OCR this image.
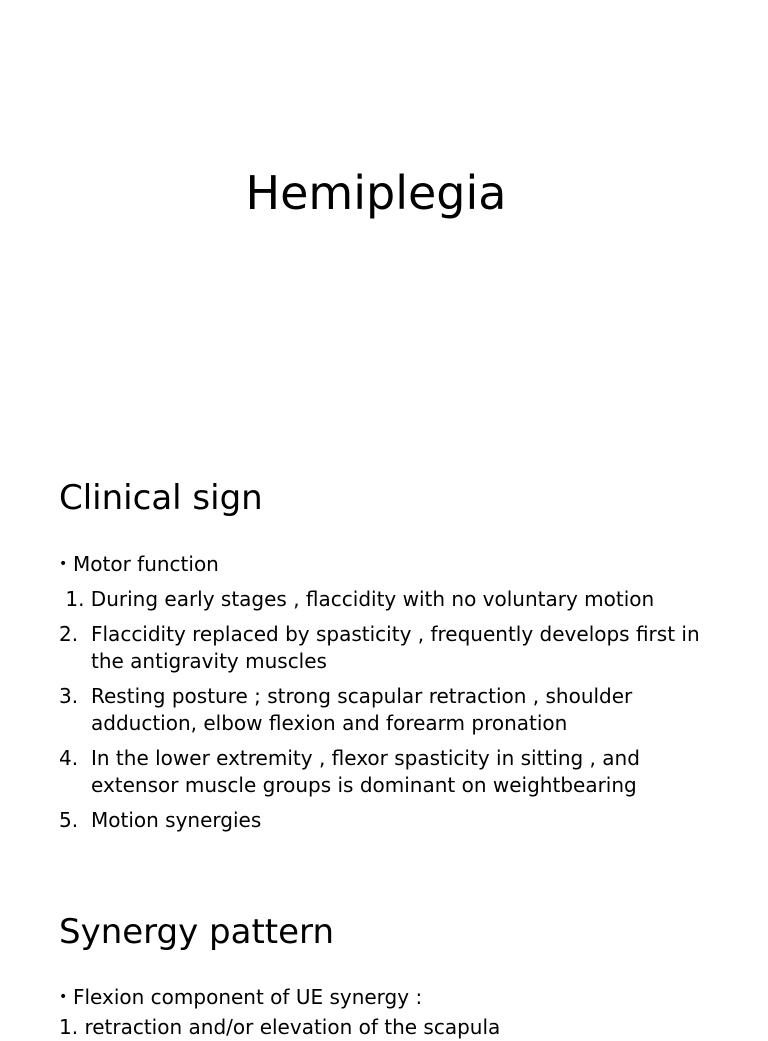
Hemiplegia
Clinical sign
• Motor function
1. During early stages , flaccidity with no voluntary motion
2. Flaccidity replaced by spasticity , frequently develops first in the antigravity muscles
3. Resting posture ; strong scapular retraction , shoulder adduction, elbow flexion and forearm pronation
4. In the lower extremity , flexor spasticity in sitting , and extensor muscle groups is dominant on weightbearing
5. Motion synergies
Synergy pattern
• Flexion component of UE synergy :
1. retraction and/or elevation of the scapula
